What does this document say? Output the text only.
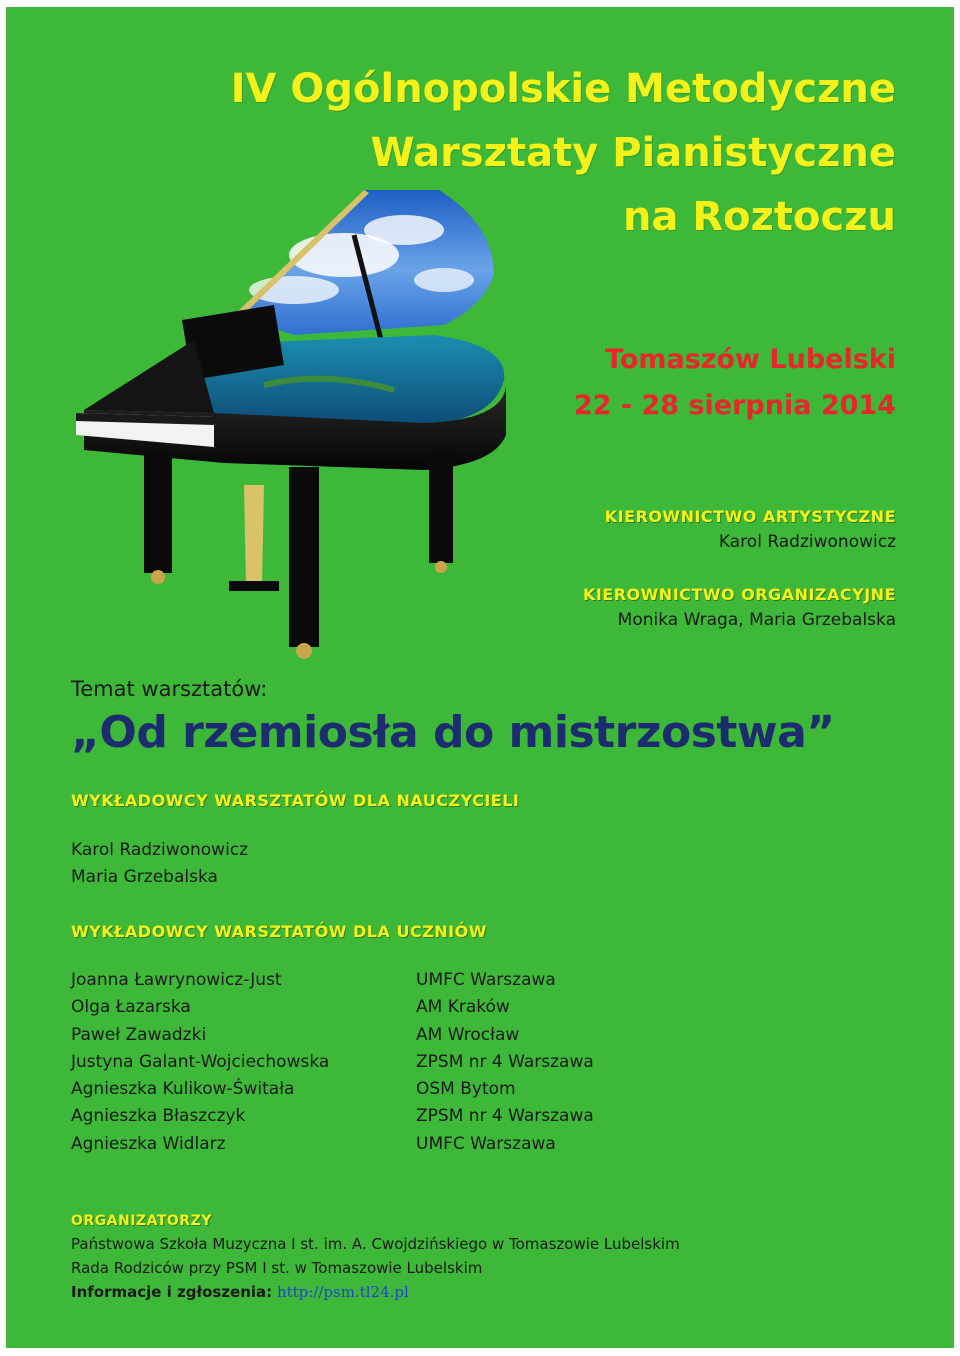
IV Ogólnopolskie Metodyczne
Warsztaty Pianistyczne
na Roztoczu
Tomaszów Lubelski
22 - 28 sierpnia 2014
KIEROWNICTWO ARTYSTYCZNE
Karol Radziwonowicz
KIEROWNICTWO ORGANIZACYJNE
Monika Wraga, Maria Grzebalska
Temat warsztatów:
„Od rzemiosła do mistrzostwa”
WYKŁADOWCY WARSZTATÓW DLA NAUCZYCIELI
Karol Radziwonowicz
Maria Grzebalska
WYKŁADOWCY WARSZTATÓW DLA UCZNIÓW
Joanna Ławrynowicz-Just
Olga Łazarska
Paweł Zawadzki
Justyna Galant-Wojciechowska
Agnieszka Kulikow-Świtała
Agnieszka Błaszczyk
Agnieszka Widlarz
UMFC Warszawa
AM Kraków
AM Wrocław
ZPSM nr 4 Warszawa
OSM Bytom
ZPSM nr 4 Warszawa
UMFC Warszawa
ORGANIZATORZY
Państwowa Szkoła Muzyczna I st. im. A. Cwojdzińskiego w Tomaszowie Lubelskim
Rada Rodziców przy PSM I st. w Tomaszowie Lubelskim
Informacje i zgłoszenia: http://psm.tl24.pl
